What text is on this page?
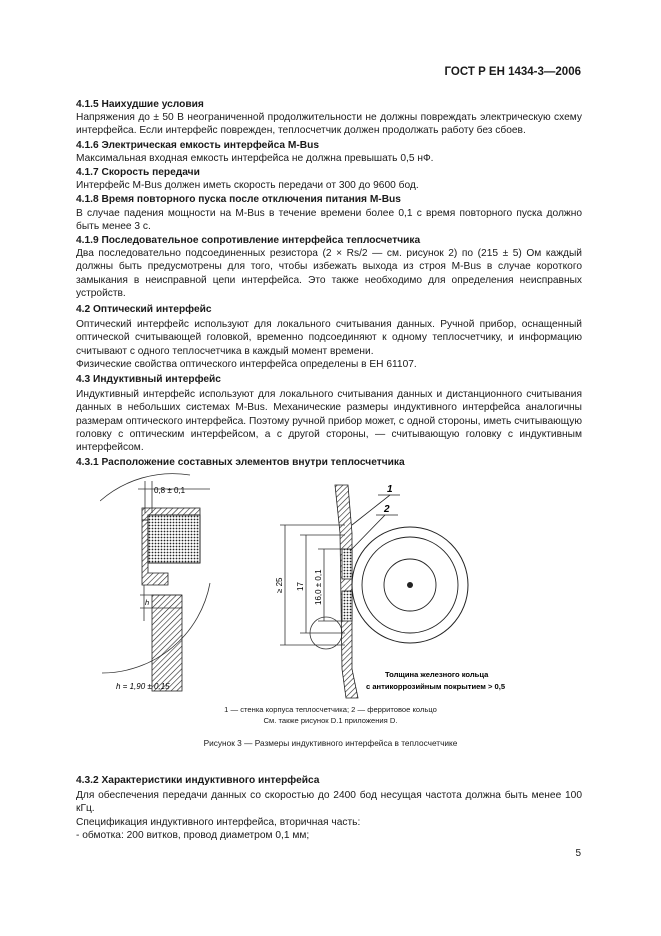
ГОСТ Р ЕН 1434-3—2006
4.1.5 Наихудшие условия
Напряжения до ± 50 В неограниченной продолжительности не должны повреждать электрическую схему интерфейса. Если интерфейс поврежден, теплосчетчик должен продолжать работу без сбоев.
4.1.6 Электрическая емкость интерфейса M-Bus
Максимальная входная емкость интерфейса не должна превышать 0,5 нФ.
4.1.7 Скорость передачи
Интерфейс M-Bus должен иметь скорость передачи от 300 до 9600 бод.
4.1.8 Время повторного пуска после отключения питания M-Bus
В случае падения мощности на M-Bus в течение времени более 0,1 с время повторного пуска должно быть менее 3 с.
4.1.9 Последовательное сопротивление интерфейса теплосчетчика
Два последовательно подсоединенных резистора (2 × Rs/2 — см. рисунок 2) по (215 ± 5) Ом каждый должны быть предусмотрены для того, чтобы избежать выхода из строя M-Bus в случае короткого замыкания в неисправной цепи интерфейса. Это также необходимо для определения неисправных устройств.
4.2 Оптический интерфейс
Оптический интерфейс используют для локального считывания данных. Ручной прибор, оснащенный оптической считывающей головкой, временно подсоединяют к одному теплосчетчику, и информацию считывают с одного теплосчетчика в каждый момент времени.
Физические свойства оптического интерфейса определены в ЕН 61107.
4.3 Индуктивный интерфейс
Индуктивный интерфейс используют для локального считывания данных и дистанционного считывания данных в небольших системах M-Bus. Механические размеры индуктивного интерфейса аналогичны размерам оптического интерфейса. Поэтому ручной прибор может, с одной стороны, иметь считывающую головку с оптическим интерфейсом, а с другой стороны, — считывающую головку с индуктивным интерфейсом.
4.3.1 Расположение составных элементов внутри теплосчетчика
h = 1,90 ± 0,15
0,8 ± 0,1
h
≥ 25 17 16,0 ± 0,1
1
2
Толщина железного кольца
с антикоррозийным покрытием > 0,5
1 — стенка корпуса теплосчетчика; 2 — ферритовое кольцо
См. также рисунок D.1 приложения D.
Рисунок 3 — Размеры индуктивного интерфейса в теплосчетчике
4.3.2 Характеристики индуктивного интерфейса
Для обеспечения передачи данных со скоростью до 2400 бод несущая частота должна быть менее 100 кГц.
Спецификация индуктивного интерфейса, вторичная часть:
- обмотка: 200 витков, провод диаметром 0,1 мм;
5
